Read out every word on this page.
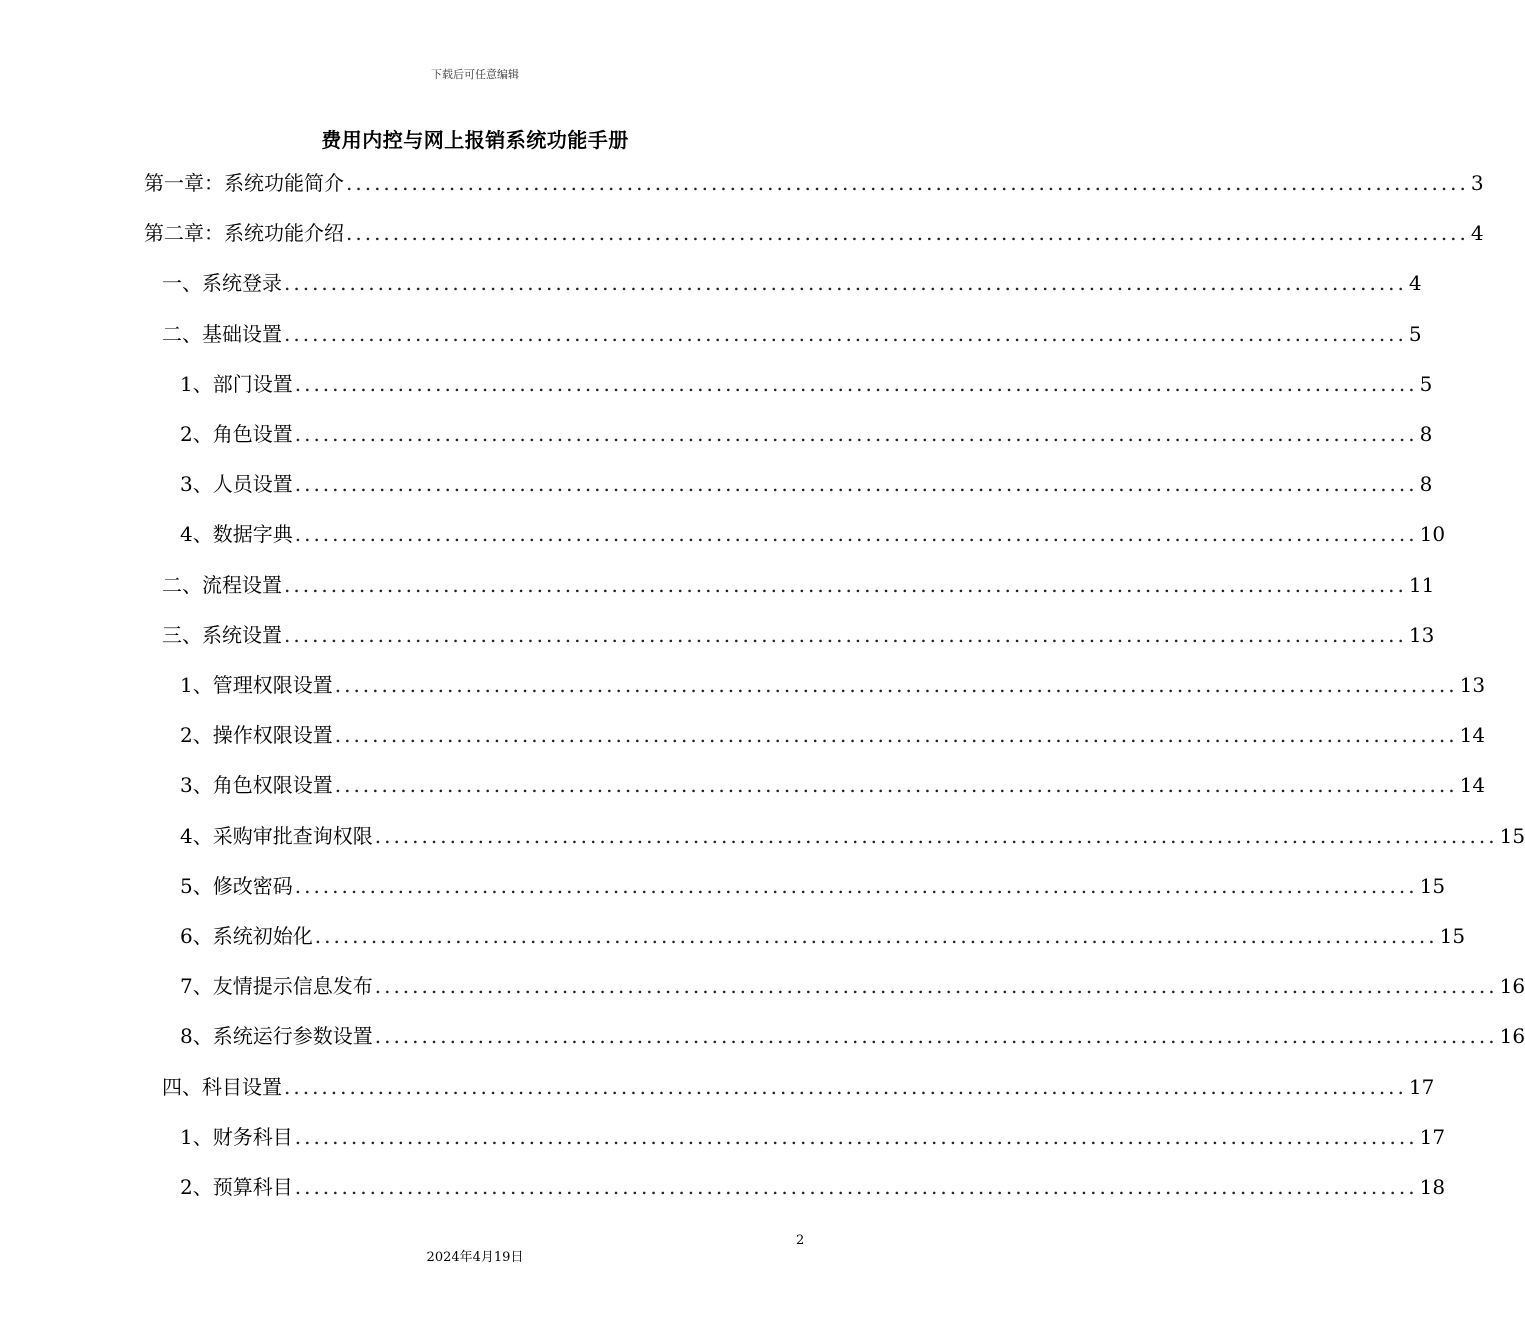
下载后可任意编辑
费用内控与网上报销系统功能手册
第一章：系统功能简介 ........................................................................................................................ 3
第二章：系统功能介绍 ........................................................................................................................ 4
一、 系统登录 ........................................................................................................................ 4
二、 基础设置 ........................................................................................................................ 5
1、 部门设置 ........................................................................................................................ 5
2、 角色设置 ........................................................................................................................ 8
3、 人员设置 ........................................................................................................................ 8
4、 数据字典 ........................................................................................................................ 10
二、 流程设置 ........................................................................................................................ 11
三、 系统设置 ........................................................................................................................ 13
1、 管理权限设置 ........................................................................................................................ 13
2、 操作权限设置 ........................................................................................................................ 14
3、 角色权限设置 ........................................................................................................................ 14
4、 采购审批查询权限 ........................................................................................................................ 15
5、 修改密码 ........................................................................................................................ 15
6、 系统初始化 ........................................................................................................................ 15
7、 友情提示信息发布 ........................................................................................................................ 16
8、 系统运行参数设置 ........................................................................................................................ 16
四、 科目设置 ........................................................................................................................ 17
1、 财务科目 ........................................................................................................................ 17
2、 预算科目 ........................................................................................................................ 18
2
2024年4月19日
